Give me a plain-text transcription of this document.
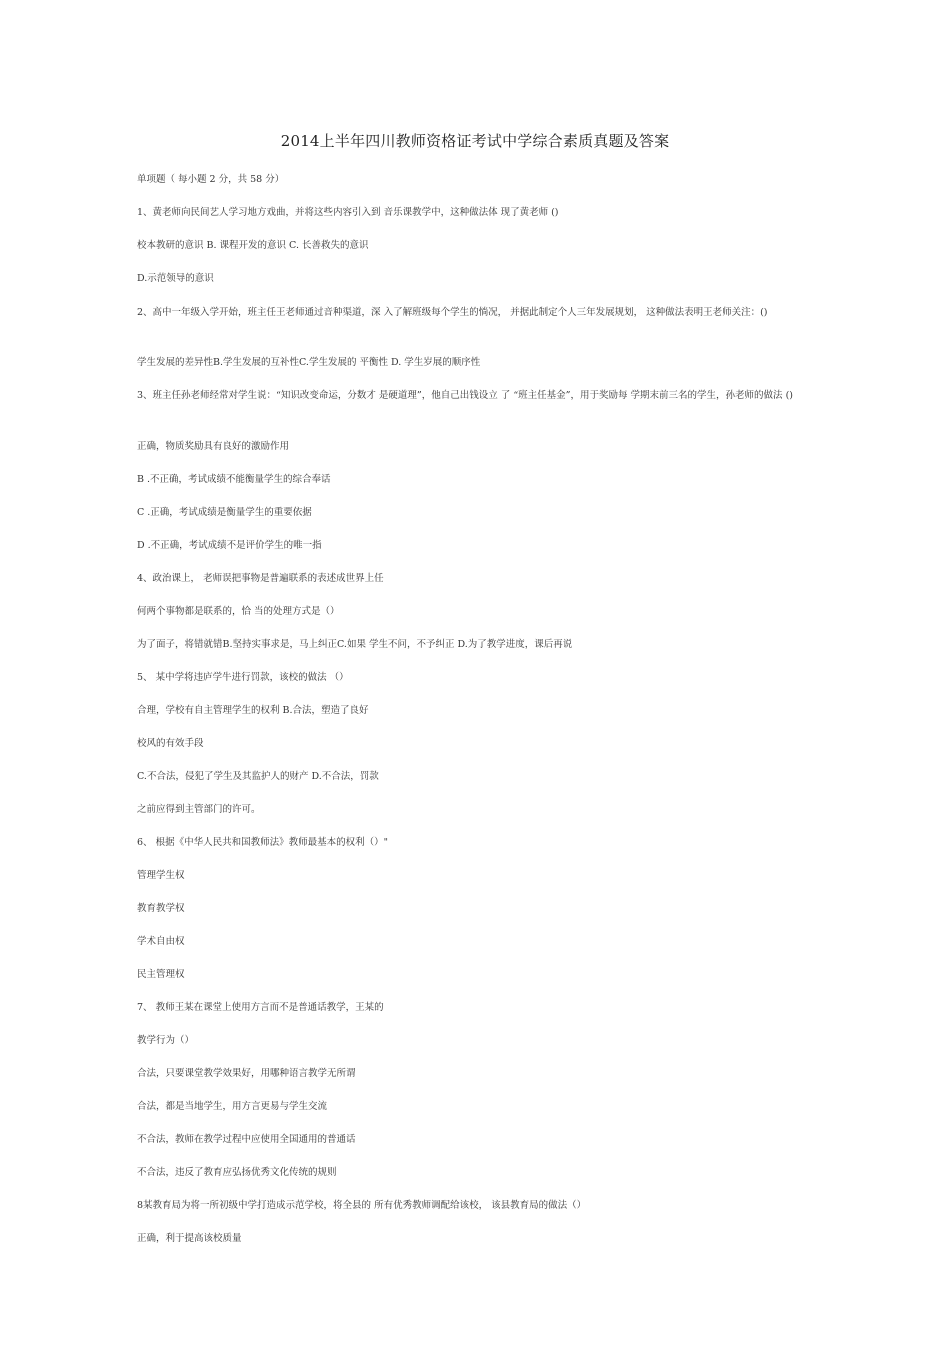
2014上半年四川教师资格证考试中学综合素质真题及答案
单项题（ 每小题 2 分，共 58 分）
1、黄老师向民间艺人学习地方戏曲，并将这些内容引入到 音乐课教学中，这种做法体 现了黄老师 ()
校本教研的意识 B. 课程开发的意识 C. 长善救失的意识
D.示范领导的意识
2、高中一年级入学开始，班主任王老师通过音种渠道，深 入了解班级每个学生的惝况， 并据此制定个人三年发展规划， 这种做法表明王老师关注：()
学生发展的差异性B.学生发展的互补性C.学生发展的 平衡性 D. 学生岁展的顺序性
3、班主任孙老师经常对学生说：“知识改变命运，分数才 是硬道理”，他自己出钱设立 了 “班主任基金”，用于奖励每 学期末前三名的学生，孙老师的做法 ()
正确，物质奖励具有良好的激励作用
B .不正确，考试成绩不能衡量学生的综合奉话
C .正确，考试成绩是衡量学生的重要依据
D .不正确，考试成绩不是评价学生的唯一指
4、政治课上， 老师误把事物是普遍联系的表述成世界上任
何两个事物都是联系的，恰 当的处理方式是（）
为了面子，将错就错B.坚持实事求是，马上纠正C.如果 学生不问，不予纠正 D.为了教学进度，课后再说
5、 某中学将违庐学牛进行罚款，该校的做法 （）
合理，学校有自主管理学生的权利 B.合法，塑造了良好
校风的有效手段
C.不合法，侵犯了学生及其监护人的财产 D.不合法，罚款
之前应得到主管部门的许可。
6、 根据《中华人民共和国教师法》教师最基本的权利（）"
管理学生权
教育教学权
学术自由权
民主管理权
7、 教师王某在课堂上使用方言而不是普通话教学，王某的
教学行为（）
合法，只要课堂教学效果好，用哪种语言教学无所谓
合法，都是当地学生，用方言更易与学生交流
不合法，教师在教学过程中应使用全国通用的普通话
不合法，违反了教育应弘扬优秀文化传统的规则
8某教育局为将一所初级中学打造成示范学校，将全县的 所有优秀教师调配给该校， 该县教育局的做法（）
正确，利于提高该校质量
